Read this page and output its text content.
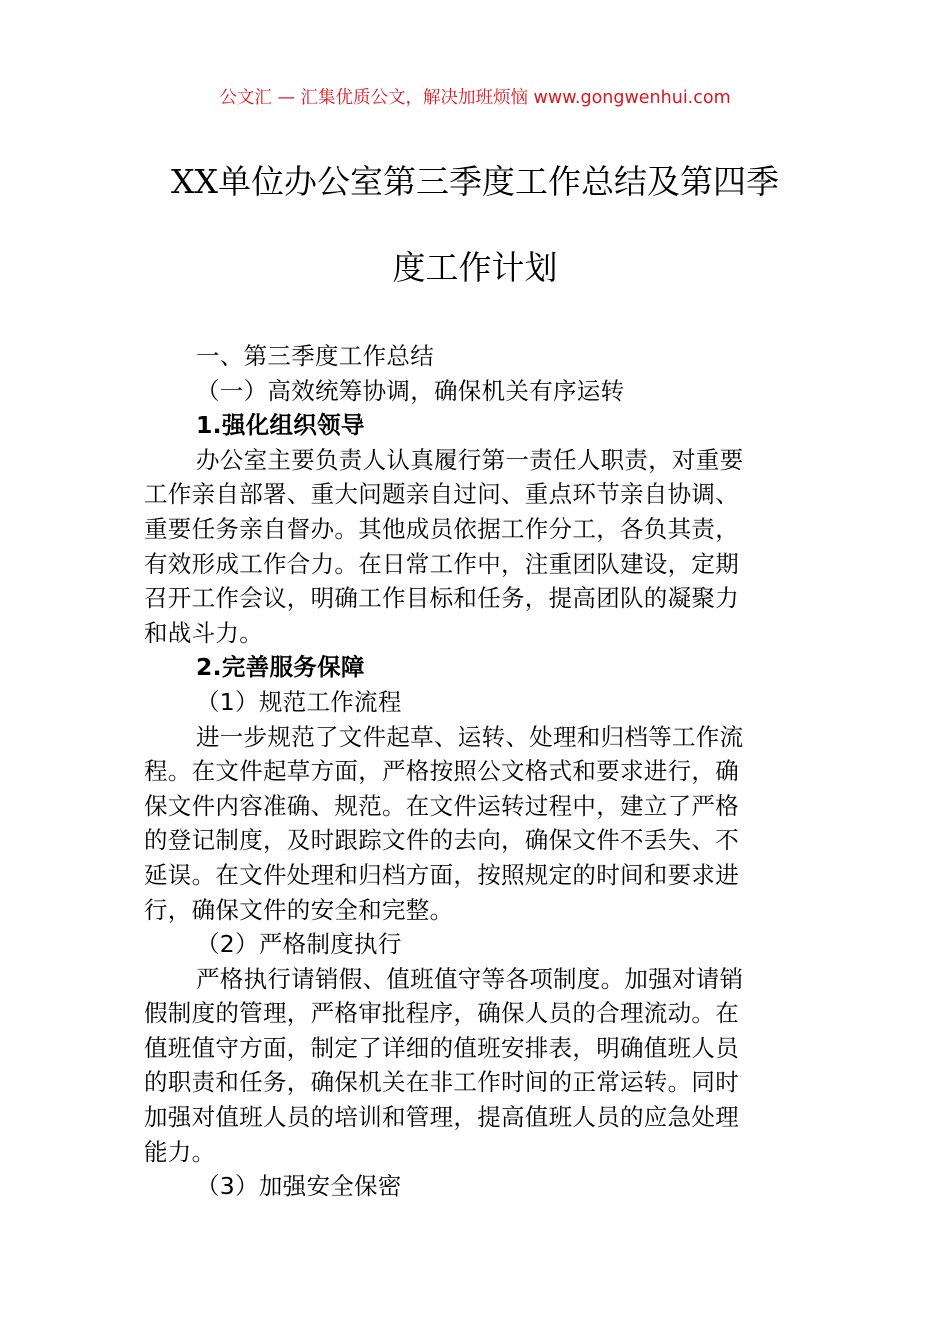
公文汇 — 汇集优质公文，解决加班烦恼 www.gongwenhui.com
XX单位办公室第三季度工作总结及第四季
度工作计划
一、第三季度工作总结
（一）高效统筹协调，确保机关有序运转
1.强化组织领导
办公室主要负责人认真履行第一责任人职责，对重要
工作亲自部署、重大问题亲自过问、重点环节亲自协调、
重要任务亲自督办。其他成员依据工作分工，各负其责，
有效形成工作合力。在日常工作中，注重团队建设，定期
召开工作会议，明确工作目标和任务，提高团队的凝聚力
和战斗力。
2.完善服务保障
（1）规范工作流程
进一步规范了文件起草、运转、处理和归档等工作流
程。在文件起草方面，严格按照公文格式和要求进行，确
保文件内容准确、规范。在文件运转过程中，建立了严格
的登记制度，及时跟踪文件的去向，确保文件不丢失、不
延误。在文件处理和归档方面，按照规定的时间和要求进
行，确保文件的安全和完整。
（2）严格制度执行
严格执行请销假、值班值守等各项制度。加强对请销
假制度的管理，严格审批程序，确保人员的合理流动。在
值班值守方面，制定了详细的值班安排表，明确值班人员
的职责和任务，确保机关在非工作时间的正常运转。同时
加强对值班人员的培训和管理，提高值班人员的应急处理
能力。
（3）加强安全保密
